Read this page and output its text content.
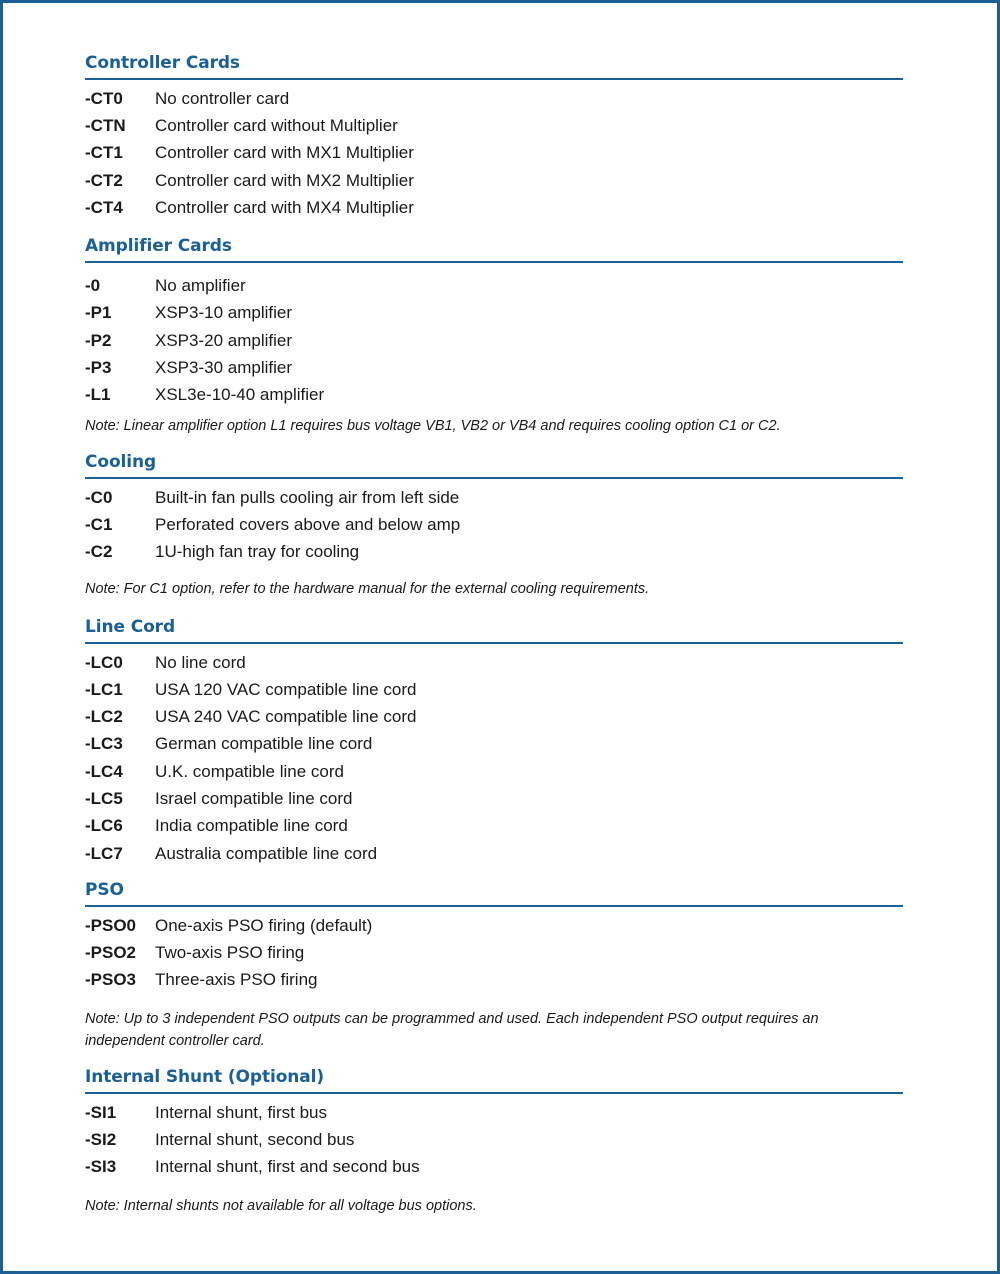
Controller Cards
-CT0	No controller card
-CTN	Controller card without Multiplier
-CT1	Controller card with MX1 Multiplier
-CT2	Controller card with MX2 Multiplier
-CT4	Controller card with MX4 Multiplier
Amplifier Cards
-0	No amplifier
-P1	XSP3-10 amplifier
-P2	XSP3-20 amplifier
-P3	XSP3-30 amplifier
-L1	XSL3e-10-40 amplifier
Note: Linear amplifier option L1 requires bus voltage VB1, VB2 or VB4 and requires cooling option C1 or C2.
Cooling
-C0	Built-in fan pulls cooling air from left side
-C1	Perforated covers above and below amp
-C2	1U-high fan tray for cooling
Note: For C1 option, refer to the hardware manual for the external cooling requirements.
Line Cord
-LC0	No line cord
-LC1	USA 120 VAC compatible line cord
-LC2	USA 240 VAC compatible line cord
-LC3	German compatible line cord
-LC4	U.K. compatible line cord
-LC5	Israel compatible line cord
-LC6	India compatible line cord
-LC7	Australia compatible line cord
PSO
-PSO0	One-axis PSO firing (default)
-PSO2	Two-axis PSO firing
-PSO3	Three-axis PSO firing
Note: Up to 3 independent PSO outputs can be programmed and used. Each independent PSO output requires an independent controller card.
Internal Shunt (Optional)
-SI1	Internal shunt, first bus
-SI2	Internal shunt, second bus
-SI3	Internal shunt, first and second bus
Note: Internal shunts not available for all voltage bus options.
